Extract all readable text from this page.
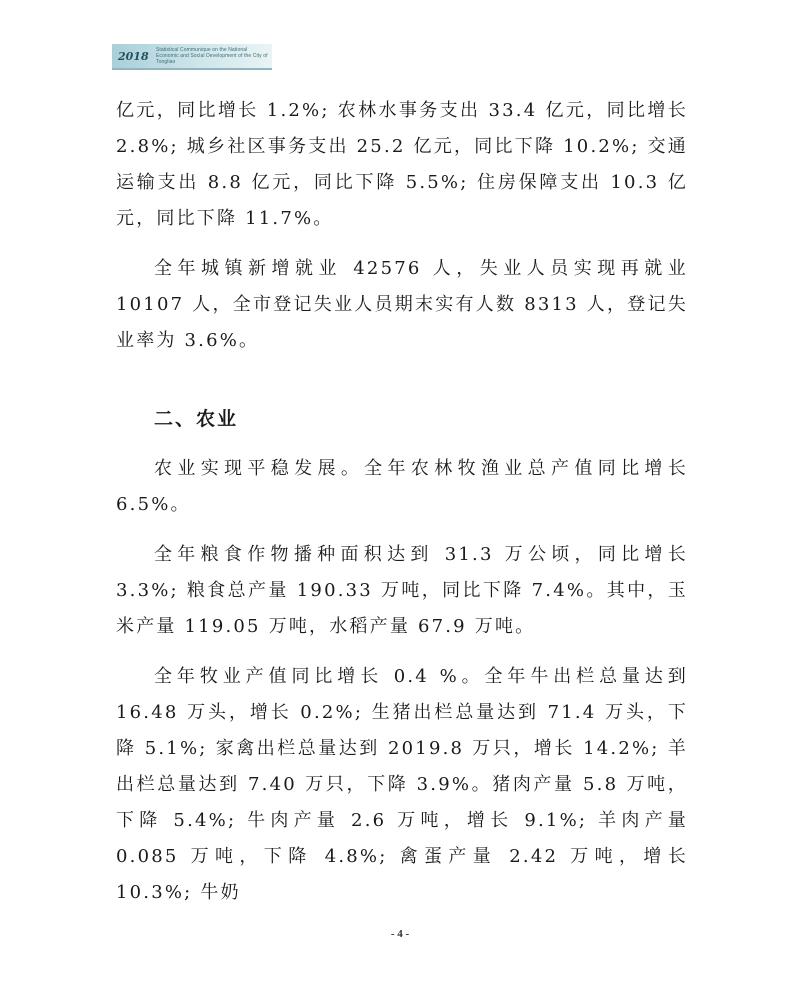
2018 Statistical Communique on the National Economic and Social Development of the City of Tongliao

亿元，同比增长 1.2%; 农林水事务支出 33.4 亿元，同比增长 2.8%; 城乡社区事务支出 25.2 亿元，同比下降 10.2%; 交通运输支出 8.8 亿元，同比下降 5.5%; 住房保障支出 10.3 亿元，同比下降 11.7%。

全年城镇新增就业 42576 人，失业人员实现再就业 10107 人，全市登记失业人员期末实有人数 8313 人，登记失业率为 3.6%。

二、农业

农业实现平稳发展。全年农林牧渔业总产值同比增长 6.5%。

全年粮食作物播种面积达到 31.3 万公顷，同比增长 3.3%; 粮食总产量 190.33 万吨，同比下降 7.4%。其中，玉米产量 119.05 万吨，水稻产量 67.9 万吨。

全年牧业产值同比增长 0.4 %。全年牛出栏总量达到 16.48 万头，增长 0.2%; 生猪出栏总量达到 71.4 万头，下降 5.1%; 家禽出栏总量达到 2019.8 万只，增长 14.2%; 羊出栏总量达到 7.40 万只，下降 3.9%。猪肉产量 5.8 万吨，下降 5.4%; 牛肉产量 2.6 万吨，增长 9.1%; 羊肉产量 0.085 万吨，下降 4.8%; 禽蛋产量 2.42 万吨，增长 10.3%; 牛奶

- 4 -
